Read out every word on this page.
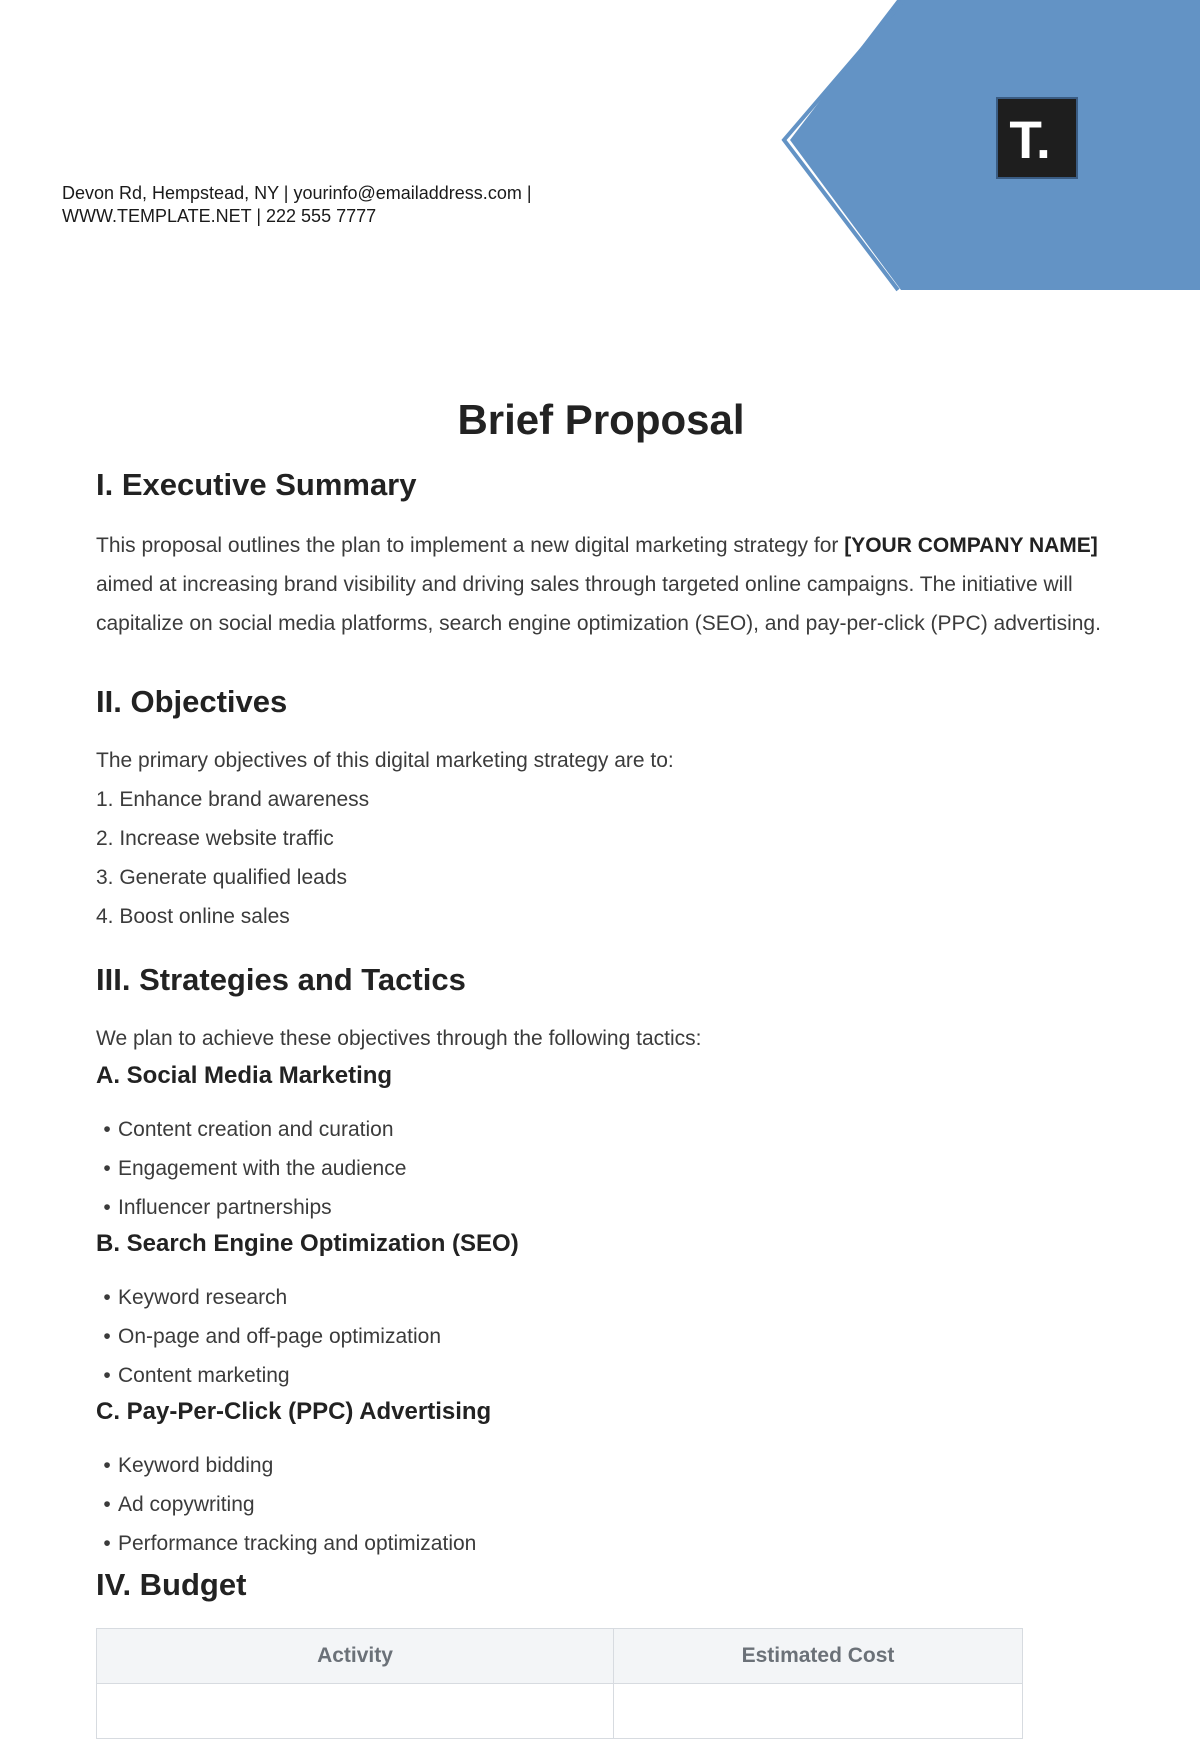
T.
Devon Rd, Hempstead, NY | yourinfo@emailaddress.com |
WWW.TEMPLATE.NET | 222 555 7777
Brief Proposal
I. Executive Summary

This proposal outlines the plan to implement a new digital marketing strategy for [YOUR COMPANY NAME] aimed at increasing brand visibility and driving sales through targeted online campaigns. The initiative will capitalize on social media platforms, search engine optimization (SEO), and pay-per-click (PPC) advertising.

II. Objectives

The primary objectives of this digital marketing strategy are to:

1. Enhance brand awareness

2. Increase website traffic

3. Generate qualified leads

4. Boost online sales

III. Strategies and Tactics

We plan to achieve these objectives through the following tactics:

A. Social Media Marketing

• Content creation and curation

• Engagement with the audience

• Influencer partnerships

B. Search Engine Optimization (SEO)

• Keyword research

• On-page and off-page optimization

• Content marketing

C. Pay-Per-Click (PPC) Advertising

• Keyword bidding

• Ad copywriting

• Performance tracking and optimization

IV. Budget
Activity	Estimated Cost
